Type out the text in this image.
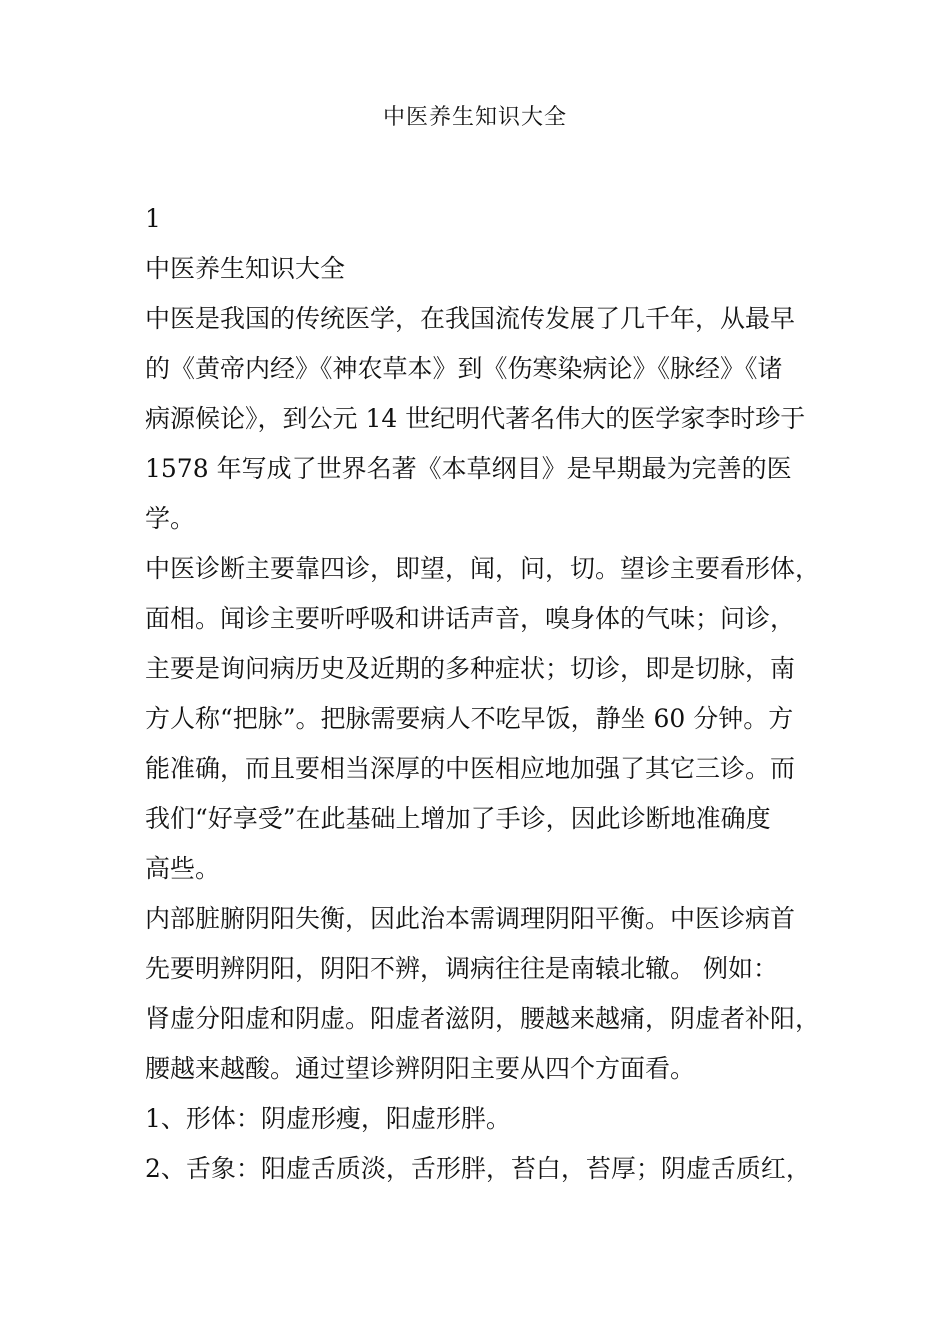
中医养生知识大全
1
中医养生知识大全
中医是我国的传统医学，在我国流传发展了几千年，从最早
的《黄帝内经》《神农草本》到《伤寒染病论》《脉经》《诸
病源候论》，到公元 14 世纪明代著名伟大的医学家李时珍于
1578 年写成了世界名著《本草纲目》是早期最为完善的医
学。
中医诊断主要靠四诊，即望，闻，问，切。望诊主要看形体，
面相。闻诊主要听呼吸和讲话声音，嗅身体的气味；问诊，
主要是询问病历史及近期的多种症状；切诊，即是切脉，南
方人称“把脉”。把脉需要病人不吃早饭，静坐 60 分钟。方
能准确，而且要相当深厚的中医相应地加强了其它三诊。而
我们“好享受”在此基础上增加了手诊，因此诊断地准确度
高些。
内部脏腑阴阳失衡，因此治本需调理阴阳平衡。中医诊病首
先要明辨阴阳，阴阳不辨，调病往往是南辕北辙。 例如：
肾虚分阳虚和阴虚。阳虚者滋阴，腰越来越痛，阴虚者补阳，
腰越来越酸。通过望诊辨阴阳主要从四个方面看。
1、形体：阴虚形瘦，阳虚形胖。
2、舌象：阳虚舌质淡，舌形胖，苔白，苔厚；阴虚舌质红，
